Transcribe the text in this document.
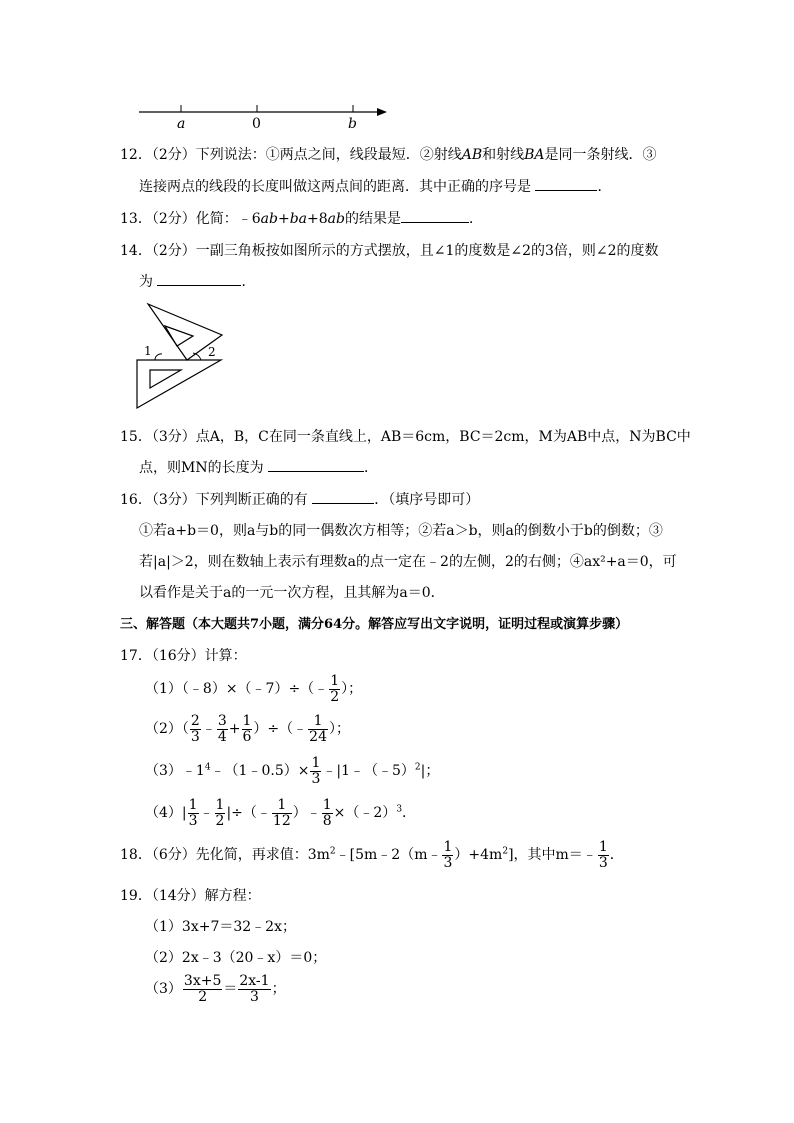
a	0	b
12．（2分）下列说法：①两点之间，线段最短．②射线AB和射线BA是同一条射线．③
连接两点的线段的长度叫做这两点间的距离．其中正确的序号是	．
13．（2分）化简：﹣6ab+ba+8ab的结果是	．
14．（2分）一副三角板按如图所示的方式摆放，且∠1的度数是∠2的3倍，则∠2的度数
为	．
1	2
15．（3分）点A，B，C在同一条直线上，AB＝6cm，BC＝2cm，M为AB中点，N为BC中
点，则MN的长度为	．
16．（3分）下列判断正确的有	．（填序号即可）
①若a+b＝0，则a与b的同一偶数次方相等；②若a＞b，则a的倒数小于b的倒数；③
若|a|＞2，则在数轴上表示有理数a的点一定在﹣2的左侧，2的右侧；④ax²+a＝0，可
以看作是关于a的一元一次方程，且其解为a＝0．
三、解答题（本大题共7小题，满分64分。解答应写出文字说明，证明过程或演算步骤）
17．（16分）计算：
（1）（﹣8）×（﹣7）÷（﹣ $\frac{1}{2}$ ）；
$(2)( \frac{2}{3}$ ﹣ $\frac{3}{4} + \frac{1}{6}$ ）÷（﹣ $\frac{1}{24}$ ）；
$(3)﹣1^4﹣(1﹣0.5)\times \frac{1}{3}$ ﹣|1﹣（﹣5）$^2$|；
$(4)| \frac{1}{3}$ ﹣ $\frac{1}{2}$ |÷（﹣ $\frac{1}{12}$ ）﹣ $\frac{1}{8}$ ×（﹣2）$^3$．
18．（6分）先化简，再求值：$3m^2﹣[5m﹣2(m﹣ \frac{1}{3} )+4m^2]$，其中m＝﹣ $\frac{1}{3}$ ．
19．（14分）解方程：
（1）3x+7＝32﹣2x；
（2）2x﹣3（20﹣x）＝0；
$(3) \frac{3x+5}{2} = \frac{2x-1}{3}$ ；
